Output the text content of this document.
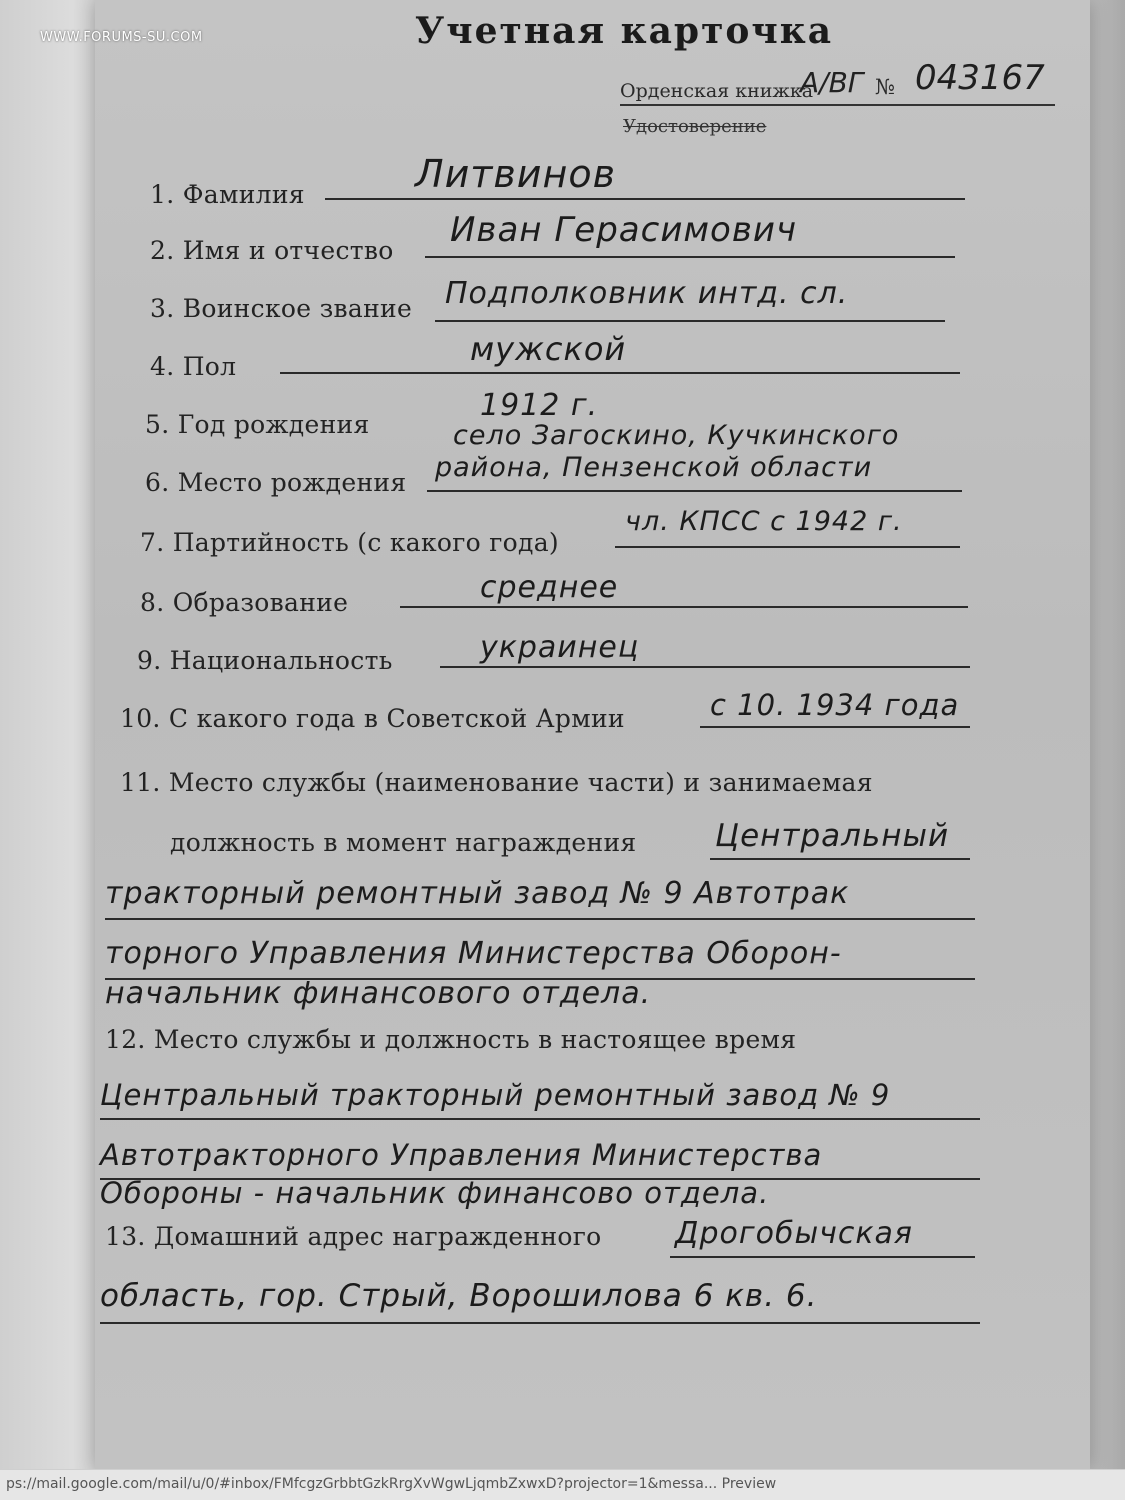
Учетная карточка
Орденская книжка
А/ВГ № 043167
Удостоверение
1. Фамилия	Литвинов
2. Имя и отчество
Иван Герасимович
3. Воинское звание Подполковник интд. сл.
4. Пол	мужской
5. Год рождения
1912 г.
6. Место рождения
село Загоскино, Кучкинского
района, Пензенской области
7. Партийность (с какого года)
чл. КПСС с 1942 г.
8. Образование	среднее
9. Национальность	украинец
10. С какого года в Советской Армии	с 10. 1934 года
11. Место службы (наименование части) и занимаемая
должность в момент награждения	Центральный
тракторный ремонтный завод № 9 Автотрак
торного Управления Министерства Оборон-
начальник финансового отдела.
12. Место службы и должность в настоящее время
Центральный тракторный ремонтный завод № 9
Автотракторного Управления Министерства
Обороны - начальник финансово отдела.
13. Домашний адрес награжденного Дрогобычская
область, гор. Стрый, Ворошилова 6 кв. 6.
WWW.FORUMS-SU.COM
ps://mail.google.com/mail/u/0/#inbox/FMfcgzGrbbtGzkRrgXvWgwLjqmbZxwxD?projector=1&messa... Preview
